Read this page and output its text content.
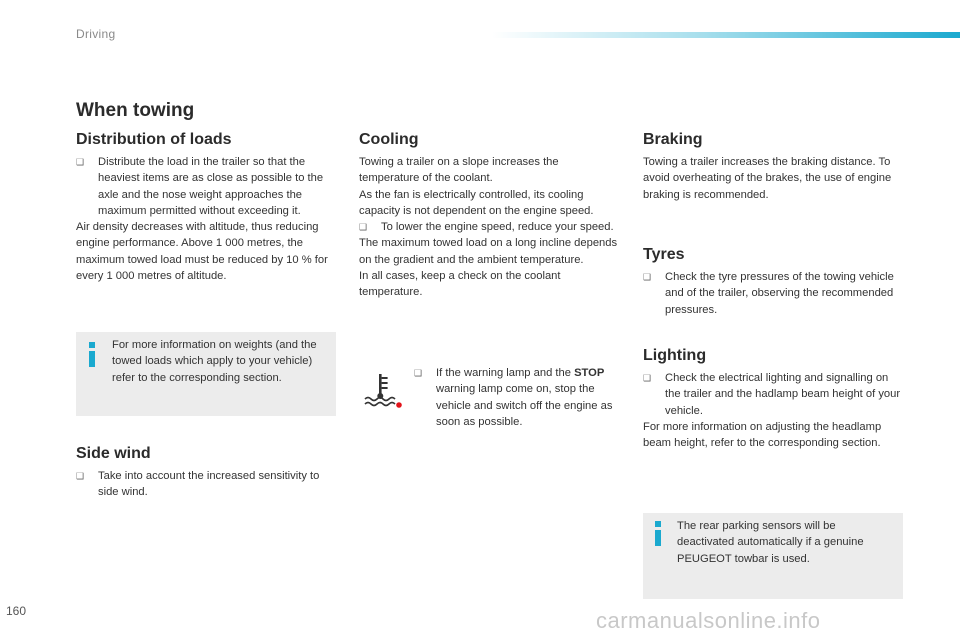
Driving
When towing
Distribution of loads
❑ Distribute the load in the trailer so that the heaviest items are as close as possible to the axle and the nose weight approaches the maximum permitted without exceeding it.

Air density decreases with altitude, thus reducing engine performance. Above 1 000 metres, the maximum towed load must be reduced by 10 % for every 1 000 metres of altitude.

For more information on weights (and the towed loads which apply to your vehicle) refer to the corresponding section.

Side wind
❑ Take into account the increased sensitivity to side wind.

Cooling

Towing a trailer on a slope increases the temperature of the coolant.

As the fan is electrically controlled, its cooling capacity is not dependent on the engine speed.

❑ To lower the engine speed, reduce your speed.

The maximum towed load on a long incline depends on the gradient and the ambient temperature.

In all cases, keep a check on the coolant temperature.

❑ If the warning lamp and the STOP warning lamp come on, stop the vehicle and switch off the engine as soon as possible.

Braking

Towing a trailer increases the braking distance. To avoid overheating of the brakes, the use of engine braking is recommended.

Tyres
❑ Check the tyre pressures of the towing vehicle and of the trailer, observing the recommended pressures.

Lighting
❑ Check the electrical lighting and signalling on the trailer and the hadlamp beam height of your vehicle.

For more information on adjusting the headlamp beam height, refer to the corresponding section.

The rear parking sensors will be deactivated automatically if a genuine PEUGEOT towbar is used.

160	carmanualsonline.info
